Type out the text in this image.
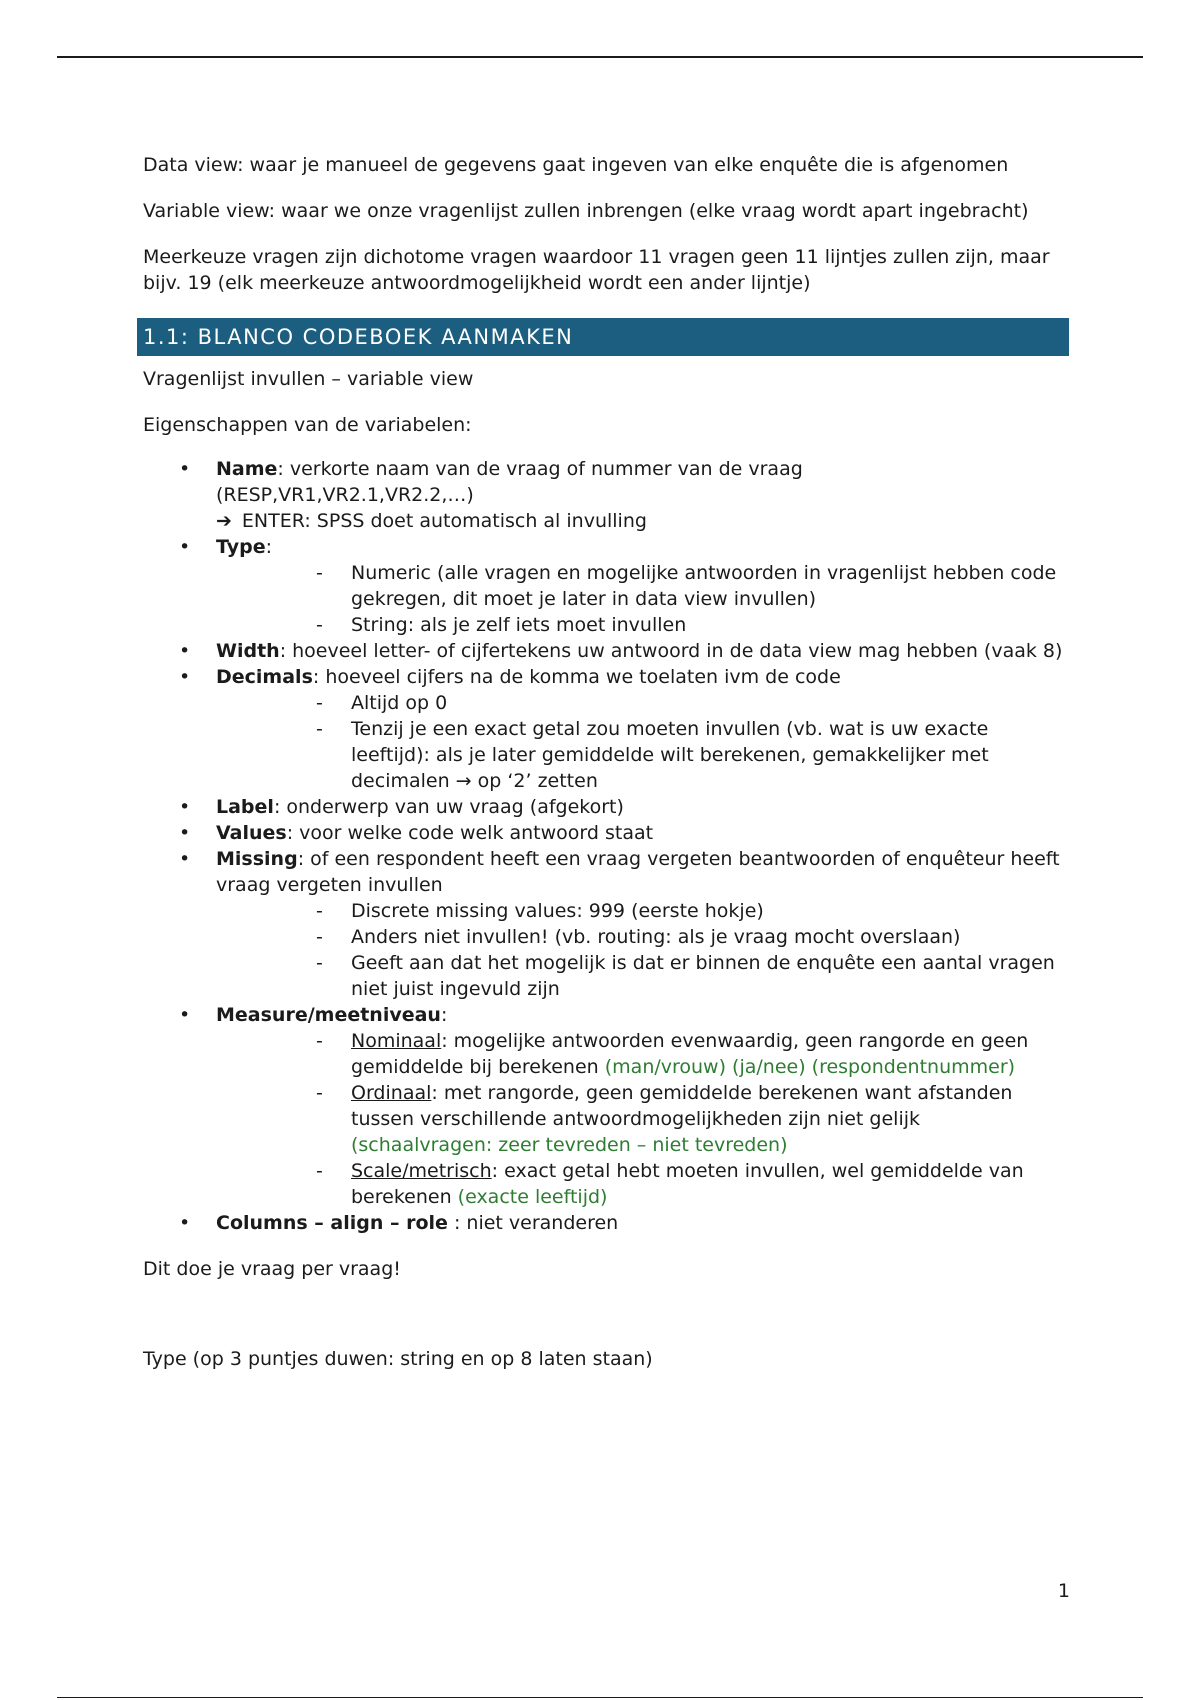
Data view: waar je manueel de gegevens gaat ingeven van elke enquête die is afgenomen

Variable view: waar we onze vragenlijst zullen inbrengen (elke vraag wordt apart ingebracht)

Meerkeuze vragen zijn dichotome vragen waardoor 11 vragen geen 11 lijntjes zullen zijn, maar bijv. 19 (elk meerkeuze antwoordmogelijkheid wordt een ander lijntje)

1.1: BLANCO CODEBOEK AANMAKEN

Vragenlijst invullen – variable view

Eigenschappen van de variabelen:

• Name: verkorte naam van de vraag of nummer van de vraag (RESP,VR1,VR2.1,VR2.2,…)
➔ ENTER: SPSS doet automatisch al invulling
• Type:
- Numeric (alle vragen en mogelijke antwoorden in vragenlijst hebben code gekregen, dit moet je later in data view invullen)
- String: als je zelf iets moet invullen
• Width: hoeveel letter- of cijfertekens uw antwoord in de data view mag hebben (vaak 8)
• Decimals: hoeveel cijfers na de komma we toelaten ivm de code
- Altijd op 0
- Tenzij je een exact getal zou moeten invullen (vb. wat is uw exacte leeftijd): als je later gemiddelde wilt berekenen, gemakkelijker met decimalen → op ‘2’ zetten
• Label: onderwerp van uw vraag (afgekort)
• Values: voor welke code welk antwoord staat
• Missing: of een respondent heeft een vraag vergeten beantwoorden of enquêteur heeft vraag vergeten invullen
- Discrete missing values: 999 (eerste hokje)
- Anders niet invullen! (vb. routing: als je vraag mocht overslaan)
- Geeft aan dat het mogelijk is dat er binnen de enquête een aantal vragen niet juist ingevuld zijn
• Measure/meetniveau:
- Nominaal: mogelijke antwoorden evenwaardig, geen rangorde en geen gemiddelde bij berekenen (man/vrouw) (ja/nee) (respondentnummer)
- Ordinaal: met rangorde, geen gemiddelde berekenen want afstanden tussen verschillende antwoordmogelijkheden zijn niet gelijk (schaalvragen: zeer tevreden – niet tevreden)
- Scale/metrisch: exact getal hebt moeten invullen, wel gemiddelde van berekenen (exacte leeftijd)
• Columns – align – role : niet veranderen

Dit doe je vraag per vraag!

Type (op 3 puntjes duwen: string en op 8 laten staan)

1
